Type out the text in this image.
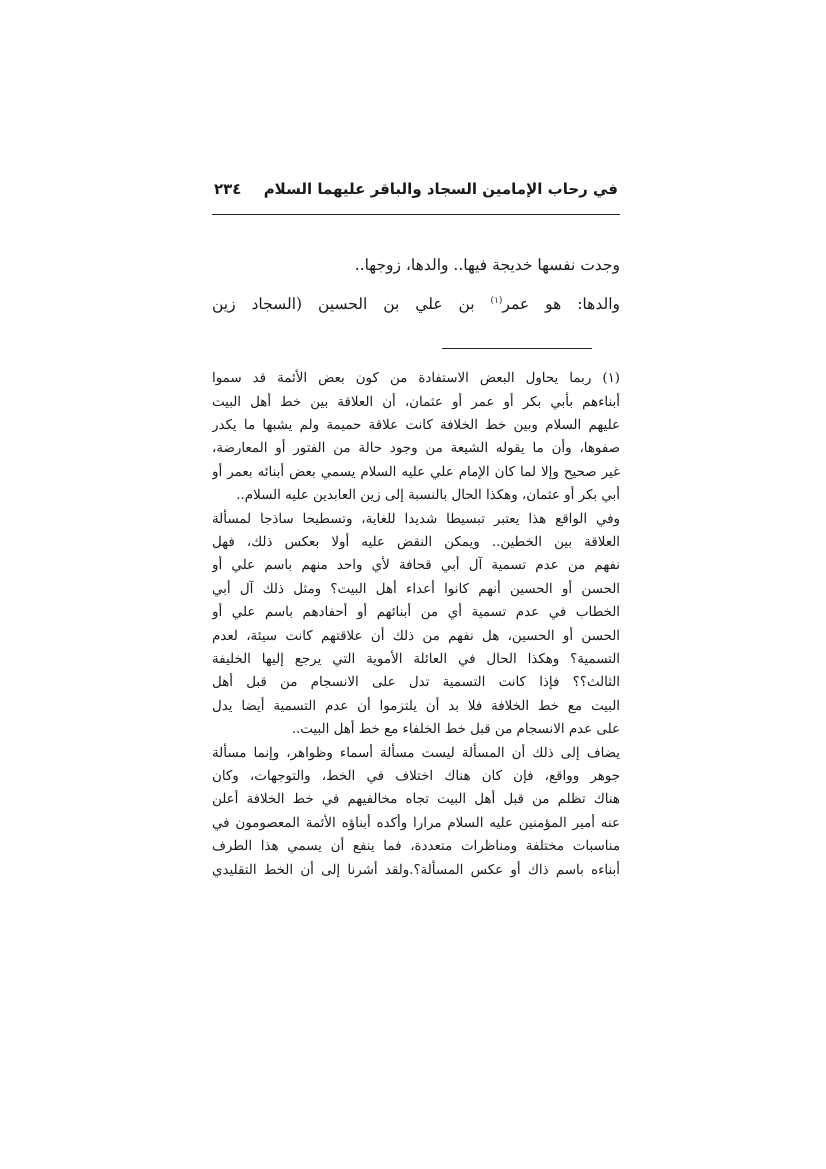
في رحاب الإمامين السجاد والباقر عليهما السلام
٢٣٤
وجدت نفسها خديجة فيها.. والدها، زوجها..
والدها: هو عمر$^{(١)}$ بن علي بن الحسين (السجاد زين
(١) ربما يحاول البعض الاستفادة من كون بعض الأئمة قد سموا
أبناءهم بأبي بكر أو عمر أو عثمان، أن العلاقة بين خط أهل البيت
عليهم السلام وبين خط الخلافة كانت علاقة حميمة ولم يشبها ما يكدر
صفوها، وأن ما يقوله الشيعة من وجود حالة من الفتور أو المعارضة،
غير صحيح وإلا لما كان الإمام علي عليه السلام يسمي بعض أبنائه بعمر أو
أبي بكر أو عثمان، وهكذا الحال بالنسبة إلى زين العابدين عليه السلام..
وفي الواقع هذا يعتبر تبسيطا شديدا للغاية، وتسطيحا ساذجا لمسألة
العلاقة بين الخطين.. ويمكن النقض عليه أولا بعكس ذلك، فهل
نفهم من عدم تسمية آل أبي قحافة لأي واحد منهم باسم علي أو
الحسن أو الحسين أنهم كانوا أعداء أهل البيت؟ ومثل ذلك آل أبي
الخطاب في عدم تسمية أي من أبنائهم أو أحفادهم باسم علي أو
الحسن أو الحسين، هل نفهم من ذلك أن علاقتهم كانت سيئة، لعدم
التسمية؟ وهكذا الحال في العائلة الأموية التي يرجع إليها الخليفة
الثالث؟؟ فإذا كانت التسمية تدل على الانسجام من قبل أهل
البيت مع خط الخلافة فلا بد أن يلتزموا أن عدم التسمية أيضا يدل
على عدم الانسجام من قبل خط الخلفاء مع خط أهل البيت..
يضاف إلى ذلك أن المسألة ليست مسألة أسماء وظواهر، وإنما مسألة
جوهر وواقع، فإن كان هناك اختلاف في الخط، والتوجهات، وكان
هناك تظلم من قبل أهل البيت تجاه مخالفيهم في خط الخلافة أعلن
عنه أمير المؤمنين عليه السلام مرارا وأكده أبناؤه الأئمة المعصومون في
مناسبات مختلفة ومناظرات متعددة، فما ينفع أن يسمي هذا الطرف
أبناءه باسم ذاك أو عكس المسألة؟.ولقد أشرنا إلى أن الخط التقليدي
